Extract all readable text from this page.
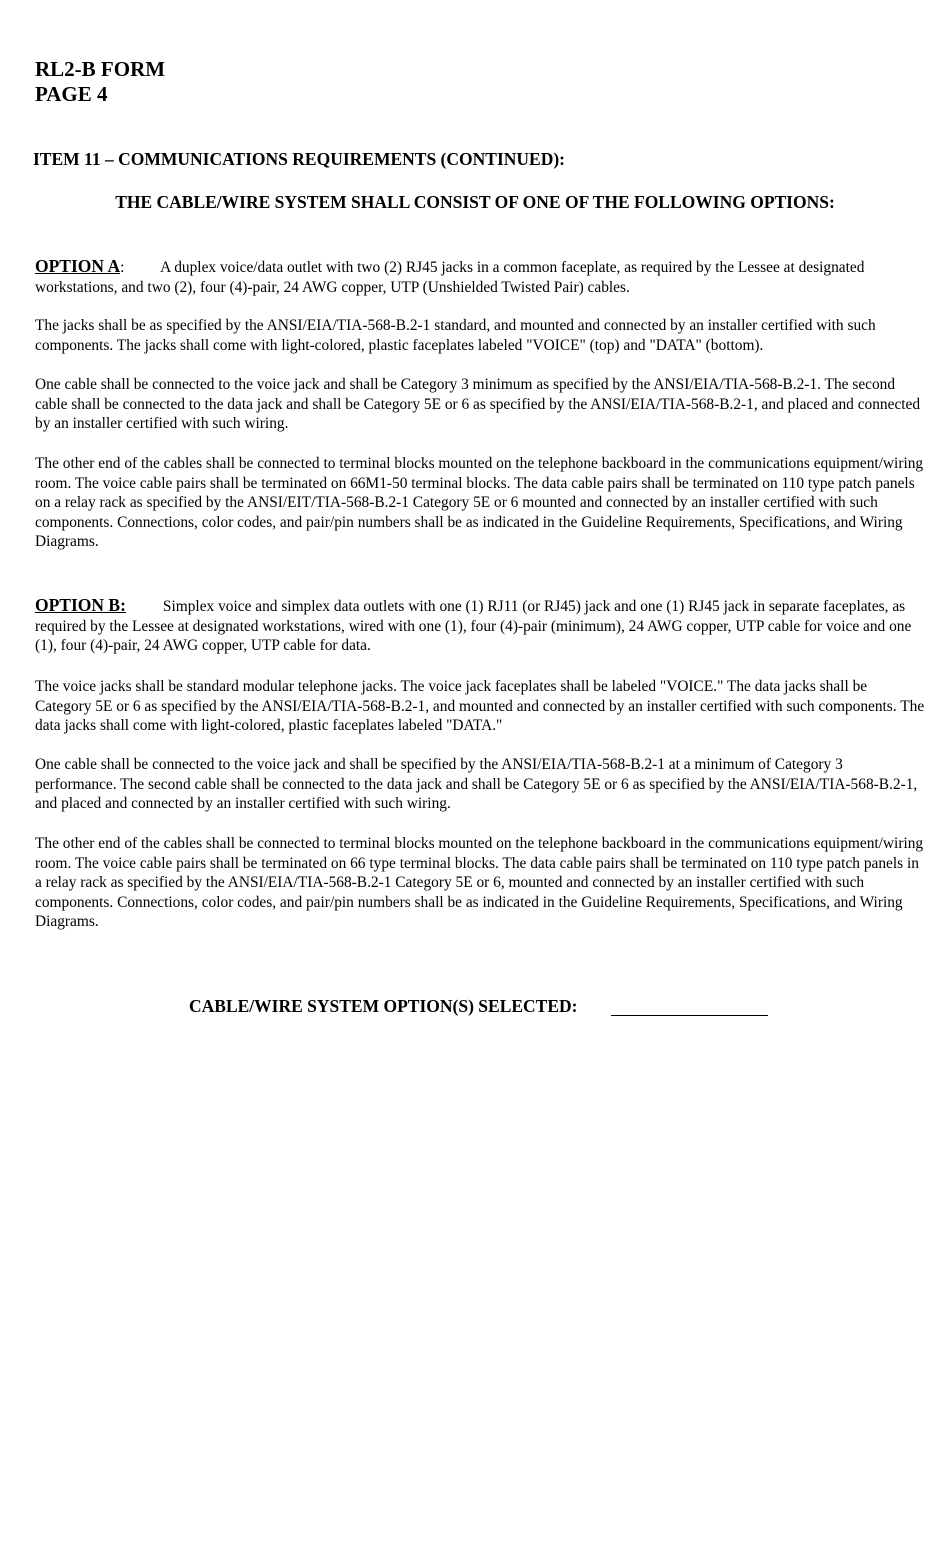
RL2-B FORM
PAGE 4
ITEM 11 – COMMUNICATIONS REQUIREMENTS (CONTINUED):
THE CABLE/WIRE SYSTEM SHALL CONSIST OF ONE OF THE FOLLOWING OPTIONS:

OPTION A: A duplex voice/data outlet with two (2) RJ45 jacks in a common faceplate, as required by the Lessee at designated workstations, and two (2), four (4)-pair, 24 AWG copper, UTP (Unshielded Twisted Pair) cables.

The jacks shall be as specified by the ANSI/EIA/TIA-568-B.2-1 standard, and mounted and connected by an installer certified with such components. The jacks shall come with light-colored, plastic faceplates labeled "VOICE" (top) and "DATA" (bottom).

One cable shall be connected to the voice jack and shall be Category 3 minimum as specified by the ANSI/EIA/TIA-568-B.2-1. The second cable shall be connected to the data jack and shall be Category 5E or 6 as specified by the ANSI/EIA/TIA-568-B.2-1, and placed and connected by an installer certified with such wiring.

The other end of the cables shall be connected to terminal blocks mounted on the telephone backboard in the communications equipment/wiring room. The voice cable pairs shall be terminated on 66M1-50 terminal blocks. The data cable pairs shall be terminated on 110 type patch panels on a relay rack as specified by the ANSI/EIT/TIA-568-B.2-1 Category 5E or 6 mounted and connected by an installer certified with such components. Connections, color codes, and pair/pin numbers shall be as indicated in the Guideline Requirements, Specifications, and Wiring Diagrams.

OPTION B: Simplex voice and simplex data outlets with one (1) RJ11 (or RJ45) jack and one (1) RJ45 jack in separate faceplates, as required by the Lessee at designated workstations, wired with one (1), four (4)-pair (minimum), 24 AWG copper, UTP cable for voice and one (1), four (4)-pair, 24 AWG copper, UTP cable for data.

The voice jacks shall be standard modular telephone jacks. The voice jack faceplates shall be labeled "VOICE." The data jacks shall be Category 5E or 6 as specified by the ANSI/EIA/TIA-568-B.2-1, and mounted and connected by an installer certified with such components. The data jacks shall come with light-colored, plastic faceplates labeled "DATA."

One cable shall be connected to the voice jack and shall be specified by the ANSI/EIA/TIA-568-B.2-1 at a minimum of Category 3 performance. The second cable shall be connected to the data jack and shall be Category 5E or 6 as specified by the ANSI/EIA/TIA-568-B.2-1, and placed and connected by an installer certified with such wiring.

The other end of the cables shall be connected to terminal blocks mounted on the telephone backboard in the communications equipment/wiring room. The voice cable pairs shall be terminated on 66 type terminal blocks. The data cable pairs shall be terminated on 110 type patch panels in a relay rack as specified by the ANSI/EIA/TIA-568-B.2-1 Category 5E or 6, mounted and connected by an installer certified with such components. Connections, color codes, and pair/pin numbers shall be as indicated in the Guideline Requirements, Specifications, and Wiring Diagrams.

CABLE/WIRE SYSTEM OPTION(S) SELECTED:
